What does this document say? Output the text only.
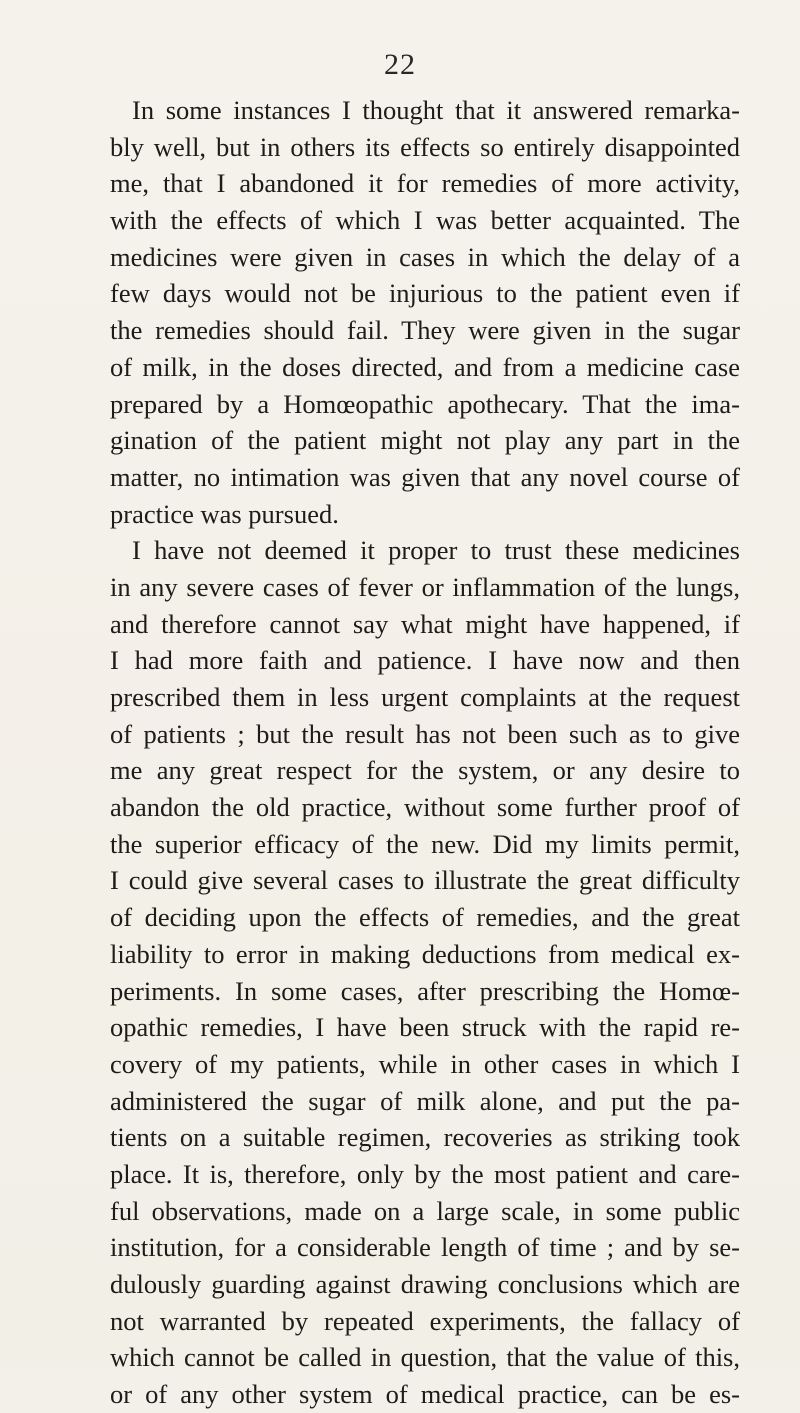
22
In some instances I thought that it answered remarka-
bly well, but in others its effects so entirely disappointed
me, that I abandoned it for remedies of more activity,
with the effects of which I was better acquainted. The
medicines were given in cases in which the delay of a
few days would not be injurious to the patient even if
the remedies should fail. They were given in the sugar
of milk, in the doses directed, and from a medicine case
prepared by a Homœopathic apothecary. That the ima-
gination of the patient might not play any part in the
matter, no intimation was given that any novel course of
practice was pursued.
I have not deemed it proper to trust these medicines
in any severe cases of fever or inflammation of the lungs,
and therefore cannot say what might have happened, if
I had more faith and patience. I have now and then
prescribed them in less urgent complaints at the request
of patients ; but the result has not been such as to give
me any great respect for the system, or any desire to
abandon the old practice, without some further proof of
the superior efficacy of the new. Did my limits permit,
I could give several cases to illustrate the great difficulty
of deciding upon the effects of remedies, and the great
liability to error in making deductions from medical ex-
periments. In some cases, after prescribing the Homœ-
opathic remedies, I have been struck with the rapid re-
covery of my patients, while in other cases in which I
administered the sugar of milk alone, and put the pa-
tients on a suitable regimen, recoveries as striking took
place. It is, therefore, only by the most patient and care-
ful observations, made on a large scale, in some public
institution, for a considerable length of time ; and by se-
dulously guarding against drawing conclusions which are
not warranted by repeated experiments, the fallacy of
which cannot be called in question, that the value of this,
or of any other system of medical practice, can be es-
